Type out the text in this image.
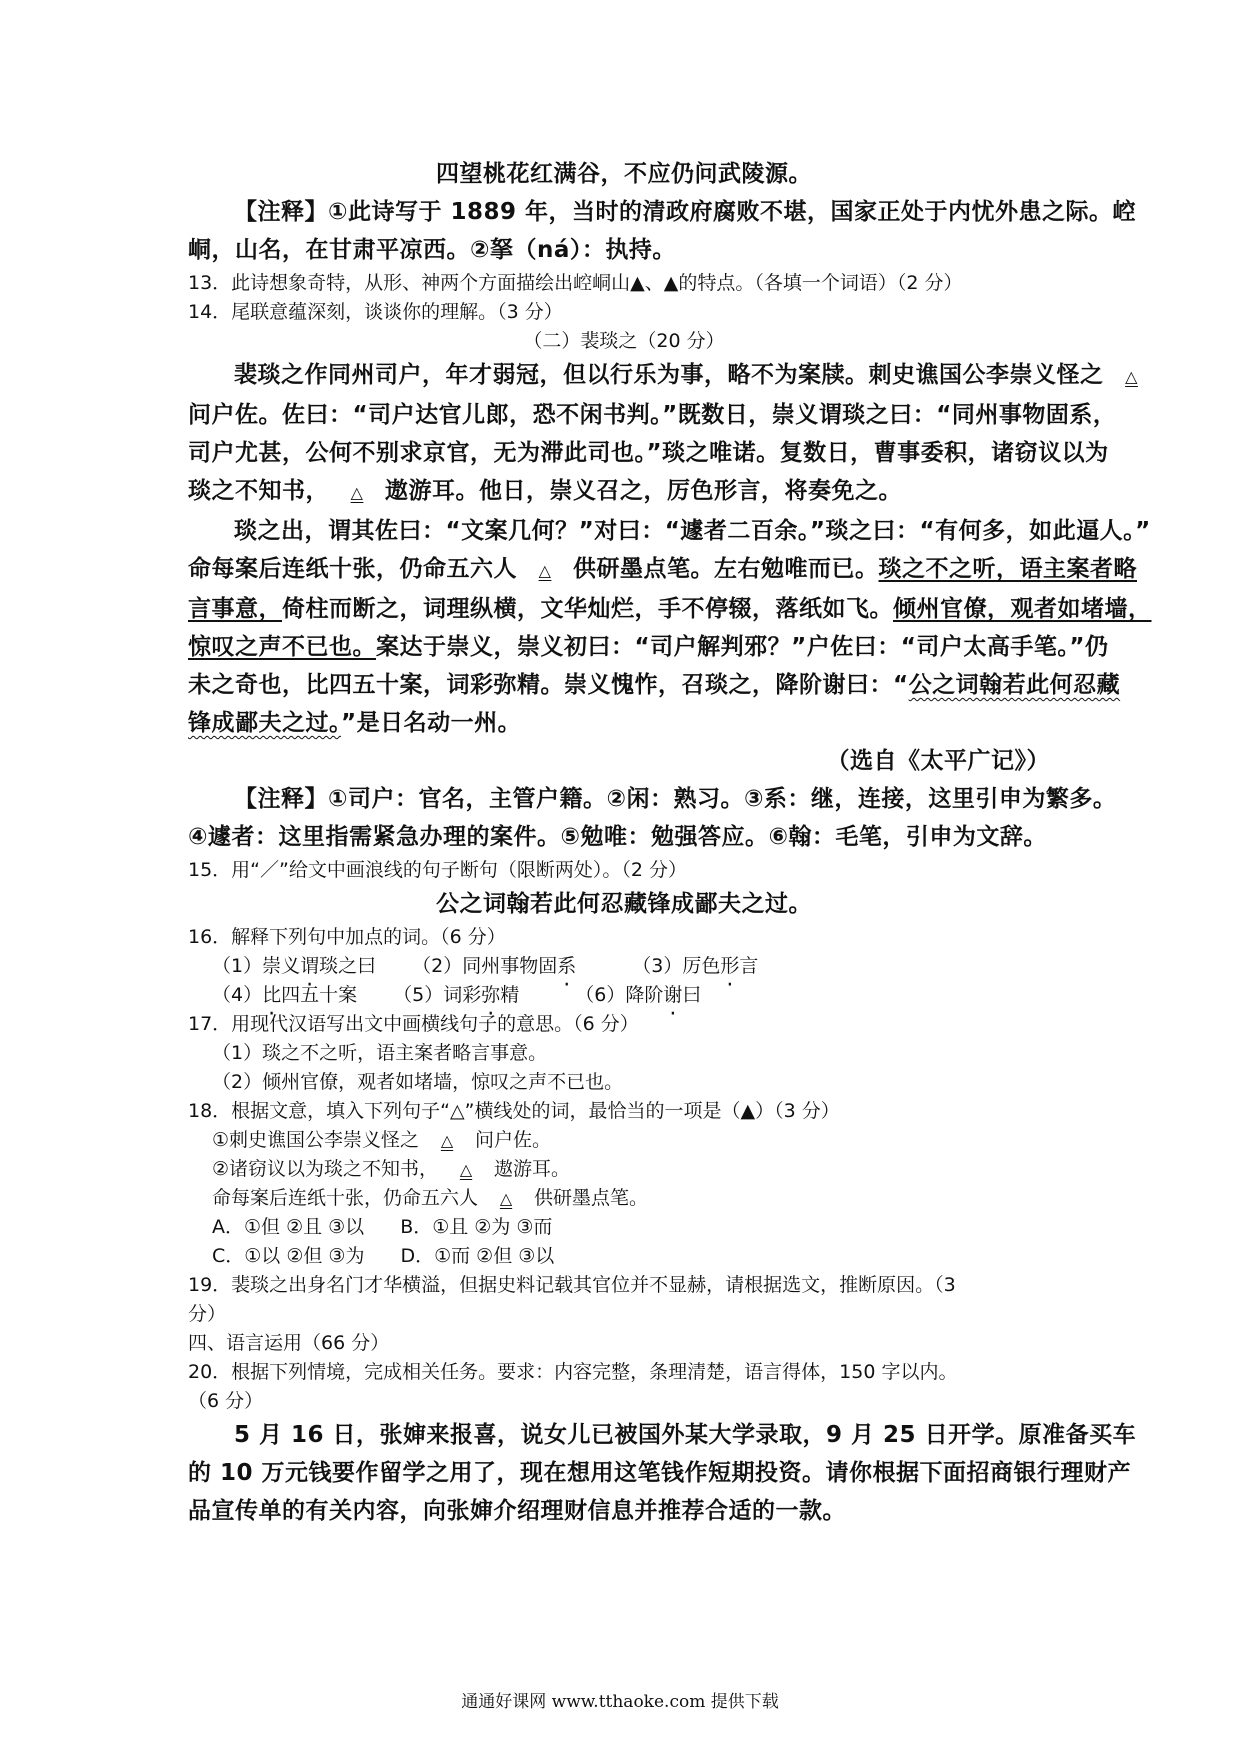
四望桃花红满谷，不应仍问武陵源。
【注释】①此诗写于 1889 年，当时的清政府腐败不堪，国家正处于内忧外患之际。崆
峒，山名，在甘肃平凉西。②拏（ná）：执持。
13．此诗想象奇特，从形、神两个方面描绘出崆峒山▲、▲的特点。（各填一个词语）（2 分）
14．尾联意蕴深刻，谈谈你的理解。（3 分）
（二）裴琰之（20 分）
裴琰之作同州司户，年才弱冠，但以行乐为事，略不为案牍。刺史谯国公李崇义怪之 △
问户佐。佐曰：“司户达官儿郎，恐不闲书判。”既数日，崇义谓琰之曰：“同州事物固系，
司户尤甚，公何不别求京官，无为滞此司也。”琰之唯诺。复数日，曹事委积，诸窃议以为
琰之不知书， △ 遨游耳。他日，崇义召之，厉色形言，将奏免之。
琰之出，谓其佐曰：“文案几何？”对曰：“遽者二百余。”琰之曰：“有何多，如此逼人。”
命每案后连纸十张，仍命五六人 △ 供研墨点笔。左右勉唯而已。琰之不之听，语主案者略
言事意，倚柱而断之，词理纵横，文华灿烂，手不停辍，落纸如飞。倾州官僚，观者如堵墙，
惊叹之声不已也。案达于崇义，崇义初曰：“司户解判邪？”户佐曰：“司户太高手笔。”仍
未之奇也，比四五十案，词彩弥精。崇义愧怍，召琰之，降阶谢曰：“公之词翰若此何忍藏
锋成鄙夫之过。”是日名动一州。
（选自《太平广记》）
【注释】①司户：官名，主管户籍。②闲：熟习。③系：继，连接，这里引申为繁多。
④遽者：这里指需紧急办理的案件。⑤勉唯：勉强答应。⑥翰：毛笔，引申为文辞。
15．用“／”给文中画浪线的句子断句（限断两处）。（2 分）
公之词翰若此何忍藏锋成鄙夫之过。
16．解释下列句中加点的词。（6 分）
（1）崇义谓琰之曰 （2）同州事物固系	（3）厉色形言
（4）比四五十案 （5）词彩弥精	（6）降阶谢曰
17．用现代汉语写出文中画横线句子的意思。（6 分）
（1）琰之不之听，语主案者略言事意。
（2）倾州官僚，观者如堵墙，惊叹之声不已也。
18．根据文意，填入下列句子“△”横线处的词，最恰当的一项是（▲）（3 分）
①刺史谯国公李崇义怪之 △ 问户佐。
②诸窃议以为琰之不知书， △ 遨游耳。
命每案后连纸十张，仍命五六人 △ 供研墨点笔。
A．①但 ②且 ③以 B．①且 ②为 ③而
C．①以 ②但 ③为 D．①而 ②但 ③以
19．裴琰之出身名门才华横溢，但据史料记载其官位并不显赫，请根据选文，推断原因。（3
分）
四、语言运用（66 分）
20．根据下列情境，完成相关任务。要求：内容完整，条理清楚，语言得体，150 字以内。
（6 分）
5 月 16 日，张婶来报喜，说女儿已被国外某大学录取，9 月 25 日开学。原准备买车
的 10 万元钱要作留学之用了，现在想用这笔钱作短期投资。请你根据下面招商银行理财产
品宣传单的有关内容，向张婶介绍理财信息并推荐合适的一款。
通通好课网 www.tthaoke.com 提供下载
